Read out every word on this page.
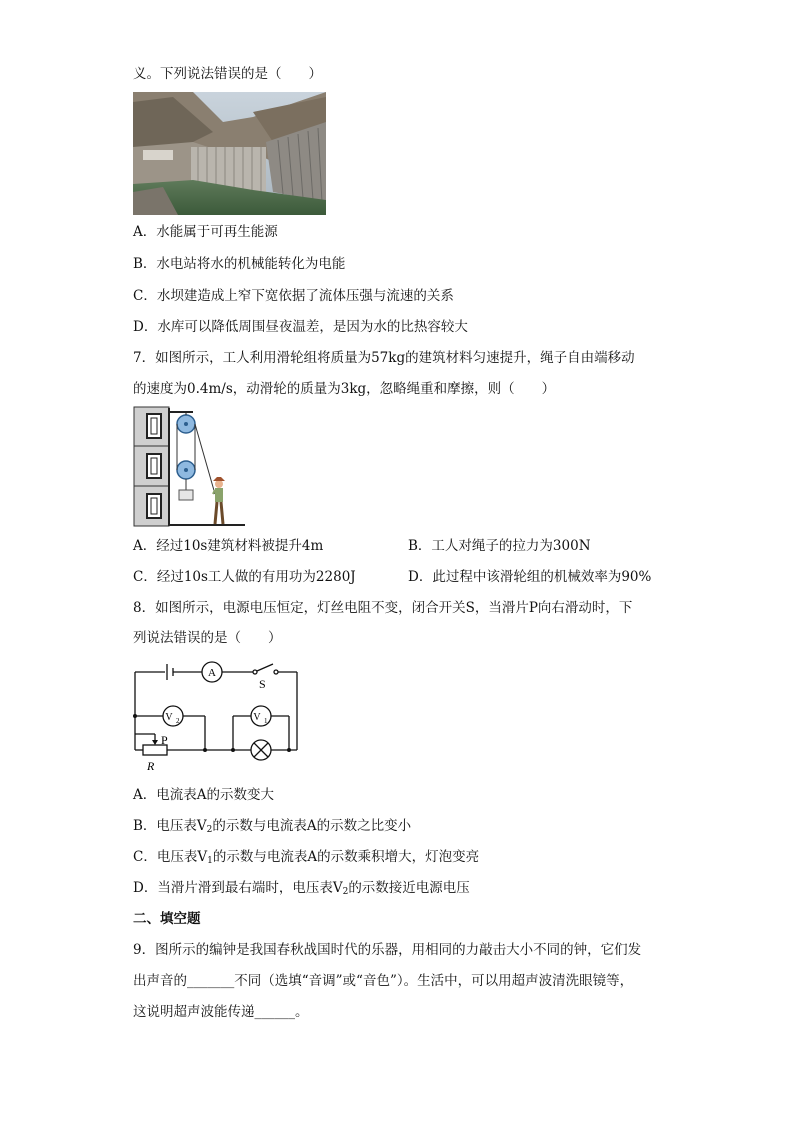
义。下列说法错误的是（　　）
A．水能属于可再生能源
B．水电站将水的机械能转化为电能
C．水坝建造成上窄下宽依据了流体压强与流速的关系
D．水库可以降低周围昼夜温差，是因为水的比热容较大
7．如图所示，工人利用滑轮组将质量为57kg的建筑材料匀速提升，绳子自由端移动
的速度为0.4m/s，动滑轮的质量为3kg，忽略绳重和摩擦，则（　　）
A．经过10s建筑材料被提升4m	B．工人对绳子的拉力为300N
C．经过10s工人做的有用功为2280J	D．此过程中该滑轮组的机械效率为90%
8．如图所示，电源电压恒定，灯丝电阻不变，闭合开关S，当滑片P向右滑动时，下
列说法错误的是（　　）
A
S
V 2	V 1
P
R
A．电流表A的示数变大
B．电压表$V_2$的示数与电流表A的示数之比变小
C．电压表$V_1$的示数与电流表A的示数乘积增大，灯泡变亮
D．当滑片滑到最右端时，电压表$V_2$的示数接近电源电压
二、填空题
9．图所示的编钟是我国春秋战国时代的乐器，用相同的力敲击大小不同的钟，它们发
出声音的_______不同（选填“音调”或“音色”）。生活中，可以用超声波清洗眼镜等，
这说明超声波能传递______。
